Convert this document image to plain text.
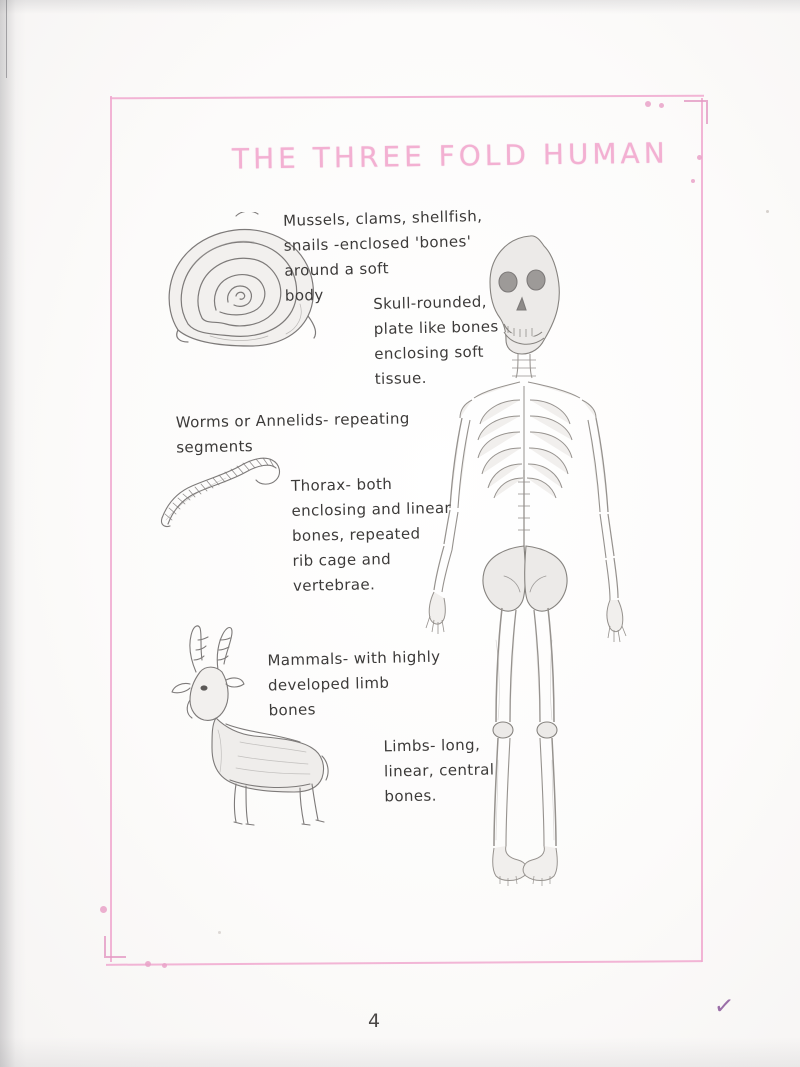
THE THREE FOLD HUMAN
Mussels, clams, shellfish,
snails -enclosed 'bones'
around a soft
body	Skull-rounded,
plate like bones
enclosing soft
tissue.
Worms or Annelids- repeating
segments
Thorax- both
enclosing and linear
bones, repeated
rib cage and
vertebrae.
Mammals- with highly
developed limb
bones
Limbs- long,
linear, central
bones.
4
✓
